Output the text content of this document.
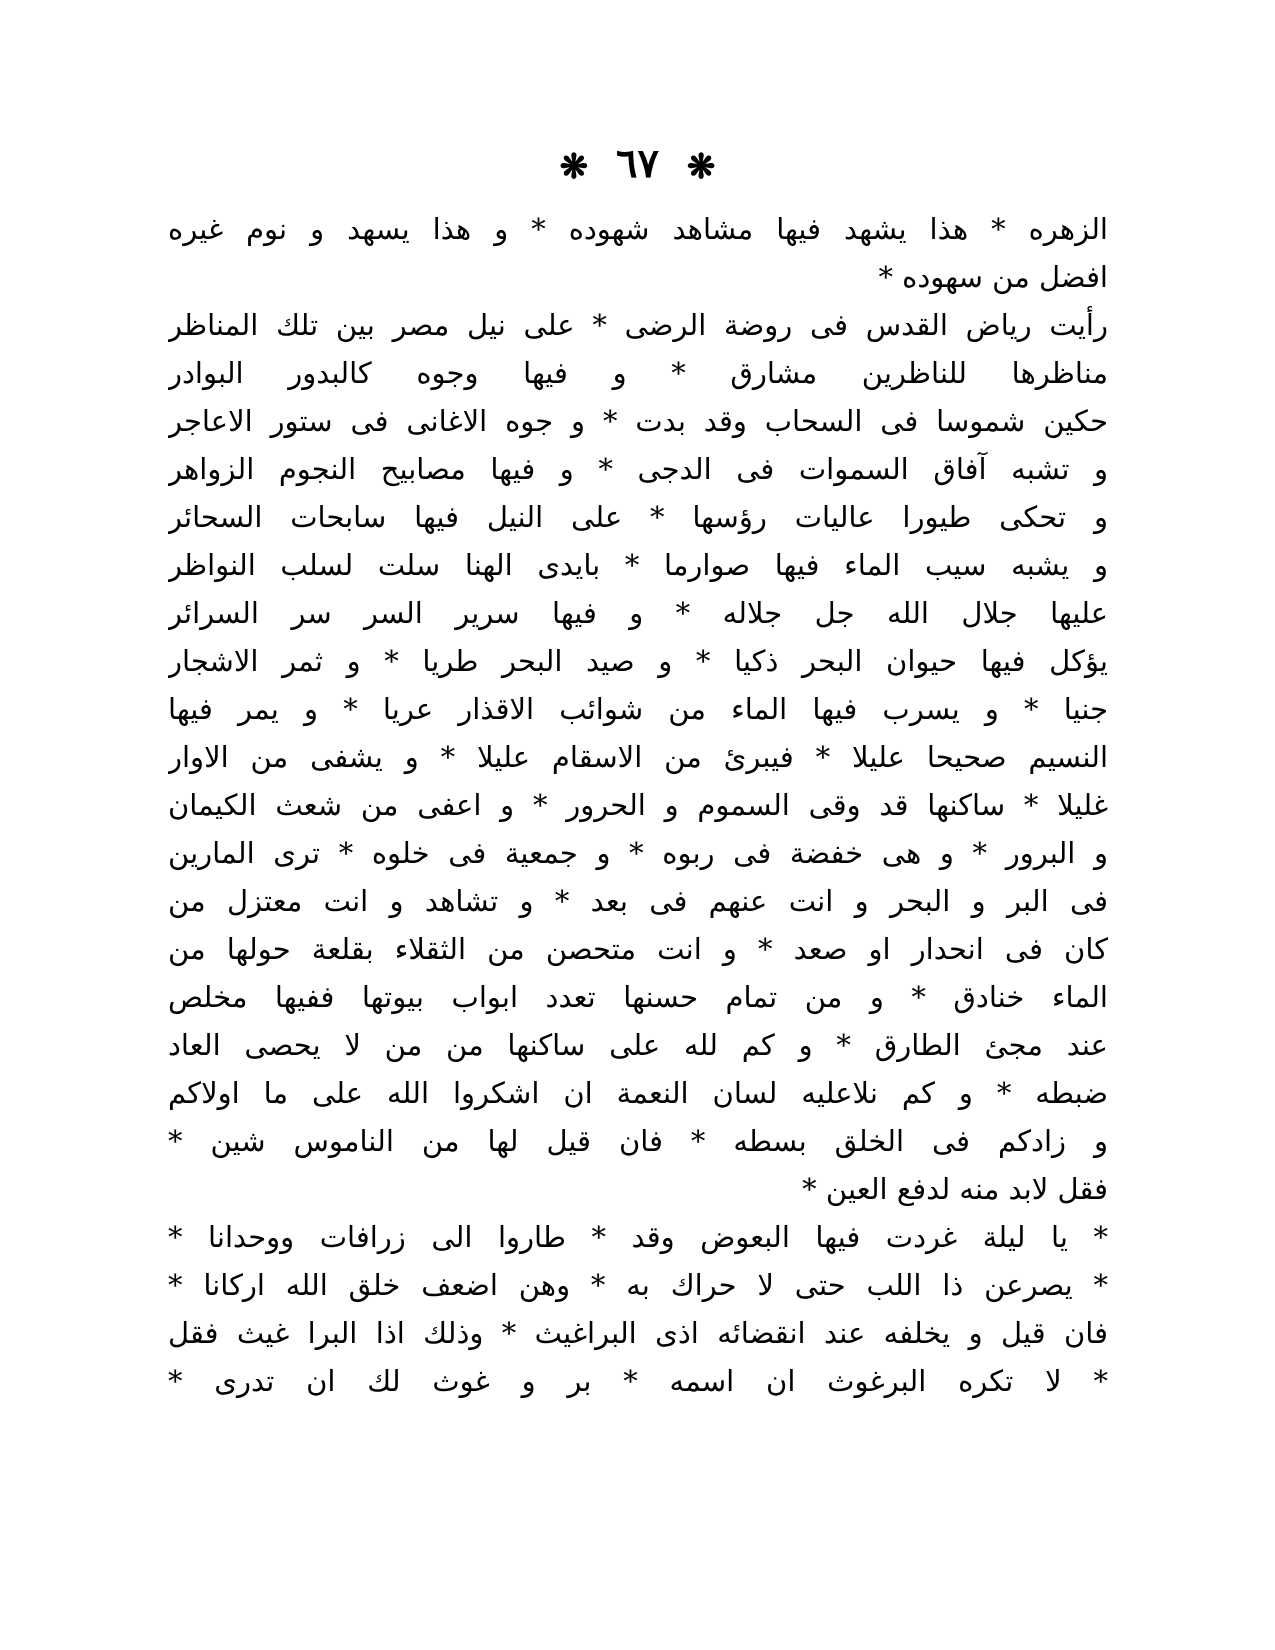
❋ ٦٧ ❋
الزهره * هذا يشهد فيها مشاهد شهوده * و هذا يسهد و نوم غيره
افضل من سهوده *
رأيت رياض القدس فى روضة الرضى * على نيل مصر بين تلك المناظر
مناظرها للناظرين مشارق * و فيها وجوه كالبدور البوادر
حكين شموسا فى السحاب وقد بدت * و جوه الاغانى فى ستور الاعاجر
و تشبه آفاق السموات فى الدجى * و فيها مصابيح النجوم الزواهر
و تحكى طيورا عاليات رؤسها * على النيل فيها سابحات السحائر
و يشبه سيب الماء فيها صوارما * بايدى الهنا سلت لسلب النواظر
عليها جلال الله جل جلاله * و فيها سرير السر سر السرائر
يؤكل فيها حيوان البحر ذكيا * و صيد البحر طريا * و ثمر الاشجار
جنيا * و يسرب فيها الماء من شوائب الاقذار عريا * و يمر فيها
النسيم صحيحا عليلا * فيبرئ من الاسقام عليلا * و يشفى من الاوار
غليلا * ساكنها قد وقى السموم و الحرور * و اعفى من شعث الكيمان
و البرور * و هى خفضة فى ربوه * و جمعية فى خلوه * ترى المارين
فى البر و البحر و انت عنهم فى بعد * و تشاهد و انت معتزل من
كان فى انحدار او صعد * و انت متحصن من الثقلاء بقلعة حولها من
الماء خنادق * و من تمام حسنها تعدد ابواب بيوتها ففيها مخلص
عند مجئ الطارق * و كم لله على ساكنها من من لا يحصى العاد
ضبطه * و كم نلاعليه لسان النعمة ان اشكروا الله على ما اولاكم
و زادكم فى الخلق بسطه * فان قيل لها من الناموس شين *
فقل لابد منه لدفع العين *
* يا ليلة غردت فيها البعوض وقد * طاروا الى زرافات ووحدانا *
* يصرعن ذا اللب حتى لا حراك به * وهن اضعف خلق الله اركانا *
فان قيل و يخلفه عند انقضائه اذى البراغيث * وذلك اذا البرا غيث فقل
* لا تكره البرغوث ان اسمه * بر و غوث لك ان تدرى *
